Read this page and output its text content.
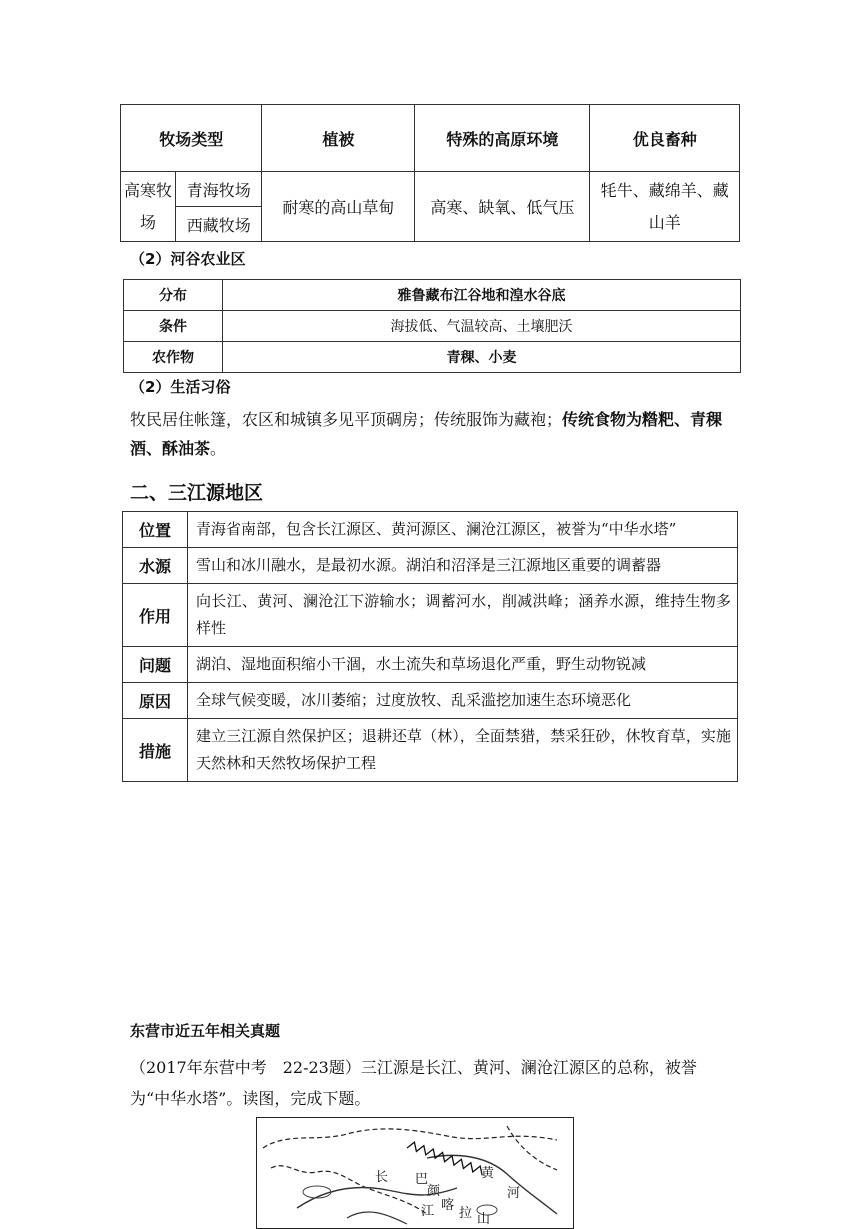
牧场类型		植被	特殊的高原环境	优良畜种
高寒牧场	青海牧场	耐寒的高山草甸	高寒、缺氧、低气压	牦牛、藏绵羊、藏山羊
	西藏牧场			
（2）河谷农业区
分布	雅鲁藏布江谷地和湟水谷底
条件	海拔低、气温较高、土壤肥沃
农作物	青稞、小麦
（2）生活习俗
牧民居住帐篷，农区和城镇多见平顶碉房；传统服饰为藏袍；传统食物为糌粑、青稞酒、酥油茶。
二、三江源地区
位置	青海省南部，包含长江源区、黄河源区、澜沧江源区，被誉为“中华水塔”
水源	雪山和冰川融水，是最初水源。湖泊和沼泽是三江源地区重要的调蓄器
作用	向长江、黄河、澜沧江下游输水；调蓄河水，削减洪峰；涵养水源，维持生物多样性
问题	湖泊、湿地面积缩小干涸，水土流失和草场退化严重，野生动物锐减
原因	全球气候变暖，冰川萎缩；过度放牧、乱采滥挖加速生态环境恶化
措施	建立三江源自然保护区；退耕还草（林），全面禁猎，禁采狂砂，休牧育草，实施天然林和天然牧场保护工程
东营市近五年相关真题
（2017年东营中考　22-23题）三江源是长江、黄河、澜沧江源区的总称，被誉为“中华水塔”。读图，完成下题。
长 巴
颜
喀
拉 山
黄
河
江
